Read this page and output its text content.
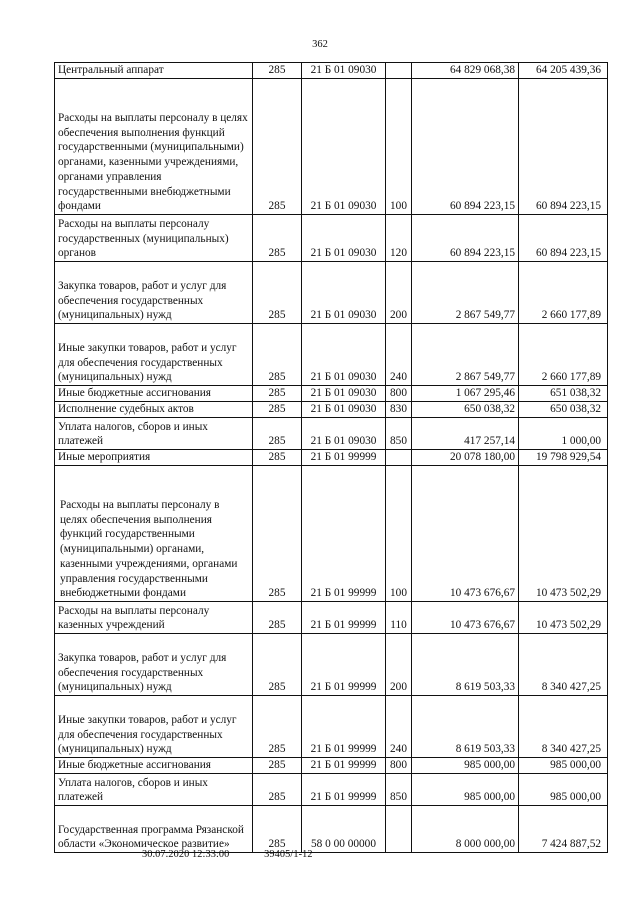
362
Центральный аппарат	285	21 Б 01 09030		64 829 068,38	64 205 439,36
Расходы на выплаты персоналу в целях обеспечения выполнения функций государственными (муниципальными) органами, казенными учреждениями, органами управления государственными внебюджетными фондами	285	21 Б 01 09030	100	60 894 223,15	60 894 223,15
Расходы на выплаты персоналу государственных (муниципальных) органов	285	21 Б 01 09030	120	60 894 223,15	60 894 223,15
Закупка товаров, работ и услуг для обеспечения государственных (муниципальных) нужд	285	21 Б 01 09030	200	2 867 549,77	2 660 177,89
Иные закупки товаров, работ и услуг для обеспечения государственных (муниципальных) нужд	285	21 Б 01 09030	240	2 867 549,77	2 660 177,89
Иные бюджетные ассигнования	285	21 Б 01 09030	800	1 067 295,46	651 038,32
Исполнение судебных актов	285	21 Б 01 09030	830	650 038,32	650 038,32
Уплата налогов, сборов и иных платежей	285	21 Б 01 09030	850	417 257,14	1 000,00
Иные мероприятия	285	21 Б 01 99999		20 078 180,00	19 798 929,54
Расходы на выплаты персоналу в целях обеспечения выполнения функций государственными (муниципальными) органами, казенными учреждениями, органами управления государственными внебюджетными фондами	285	21 Б 01 99999	100	10 473 676,67	10 473 502,29
Расходы на выплаты персоналу казенных учреждений	285	21 Б 01 99999	110	10 473 676,67	10 473 502,29
Закупка товаров, работ и услуг для обеспечения государственных (муниципальных) нужд	285	21 Б 01 99999	200	8 619 503,33	8 340 427,25
Иные закупки товаров, работ и услуг для обеспечения государственных (муниципальных) нужд	285	21 Б 01 99999	240	8 619 503,33	8 340 427,25
Иные бюджетные ассигнования	285	21 Б 01 99999	800	985 000,00	985 000,00
Уплата налогов, сборов и иных платежей	285	21 Б 01 99999	850	985 000,00	985 000,00
Государственная программа Рязанской области «Экономическое развитие»	285	58 0 00 00000		8 000 000,00	7 424 887,52
30.07.2020 12:33:00	39405/1-12
